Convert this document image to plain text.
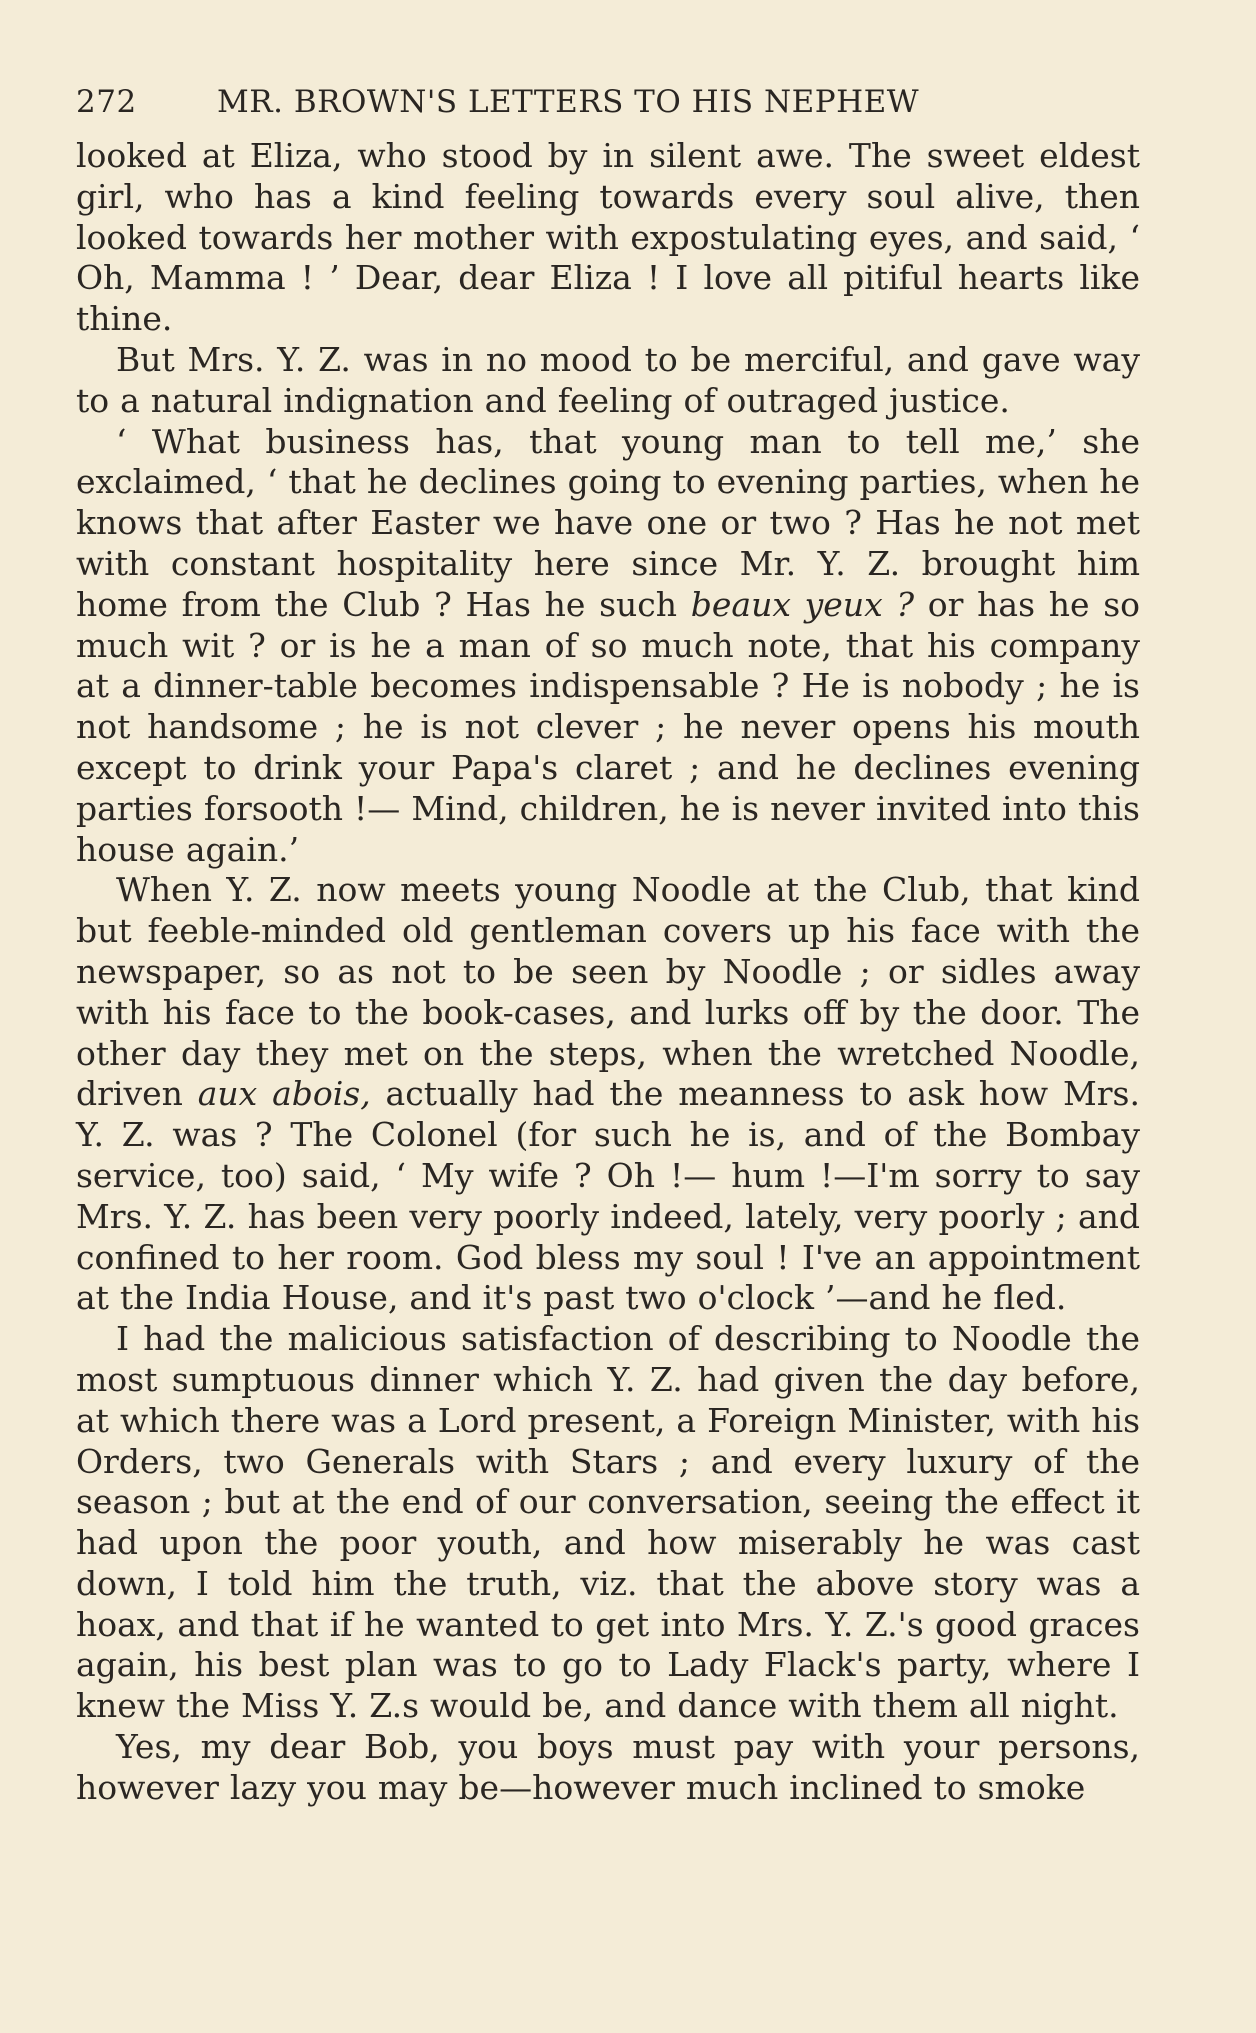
272	MR. BROWN'S LETTERS TO HIS NEPHEW

looked at Eliza, who stood by in silent awe. The sweet eldest girl, who has a kind feeling towards every soul alive, then looked towards her mother with expostulating eyes, and said, ‘ Oh, Mamma ! ’ Dear, dear Eliza ! I love all pitiful hearts like thine.

But Mrs. Y. Z. was in no mood to be merciful, and gave way to a natural indignation and feeling of outraged justice.

‘ What business has, that young man to tell me,’ she exclaimed, ‘ that he declines going to evening parties, when he knows that after Easter we have one or two ? Has he not met with constant hospitality here since Mr. Y. Z. brought him home from the Club ? Has he such beaux yeux ? or has he so much wit ? or is he a man of so much note, that his company at a dinner-table becomes indispensable ? He is nobody ; he is not handsome ; he is not clever ; he never opens his mouth except to drink your Papa's claret ; and he declines evening parties forsooth !— Mind, children, he is never invited into this house again.’

When Y. Z. now meets young Noodle at the Club, that kind but feeble-minded old gentleman covers up his face with the newspaper, so as not to be seen by Noodle ; or sidles away with his face to the book-cases, and lurks off by the door. The other day they met on the steps, when the wretched Noodle, driven aux abois, actually had the meanness to ask how Mrs. Y. Z. was ? The Colonel (for such he is, and of the Bombay service, too) said, ‘ My wife ? Oh !— hum !—I'm sorry to say Mrs. Y. Z. has been very poorly indeed, lately, very poorly ; and confined to her room. God bless my soul ! I've an appointment at the India House, and it's past two o'clock ’—and he fled.

I had the malicious satisfaction of describing to Noodle the most sumptuous dinner which Y. Z. had given the day before, at which there was a Lord present, a Foreign Minister, with his Orders, two Generals with Stars ; and every luxury of the season ; but at the end of our conversation, seeing the effect it had upon the poor youth, and how miserably he was cast down, I told him the truth, viz. that the above story was a hoax, and that if he wanted to get into Mrs. Y. Z.'s good graces again, his best plan was to go to Lady Flack's party, where I knew the Miss Y. Z.s would be, and dance with them all night.

Yes, my dear Bob, you boys must pay with your persons, however lazy you may be—however much inclined to smoke
